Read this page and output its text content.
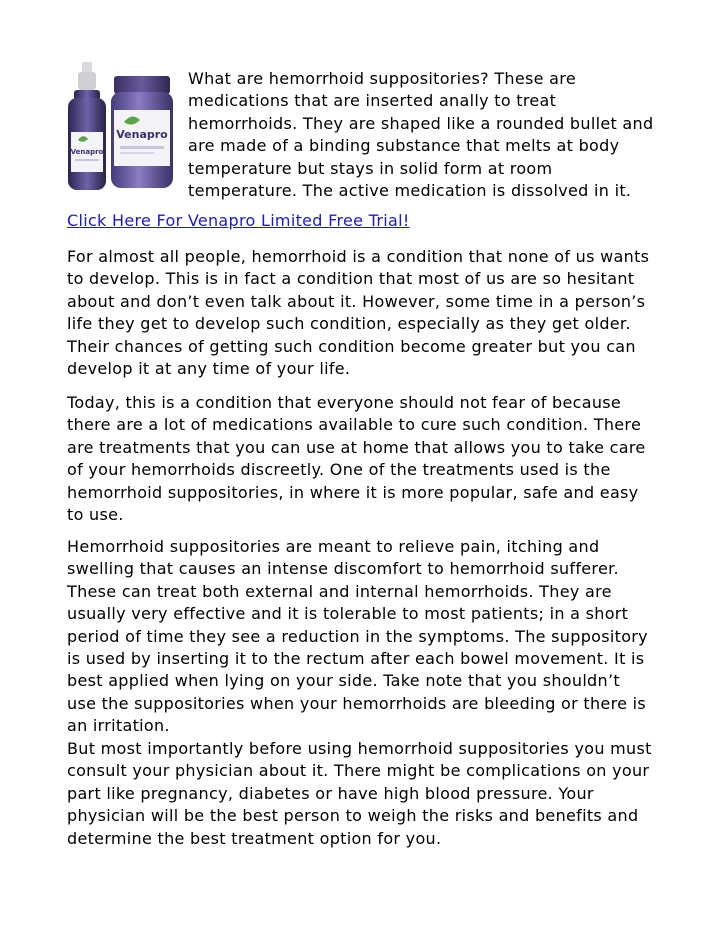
Venapro
Venapro
What are hemorrhoid suppositories? These are
medications that are inserted anally to treat
hemorrhoids. They are shaped like a rounded bullet and
are made of a binding substance that melts at body
temperature but stays in solid form at room
temperature. The active medication is dissolved in it.
Click Here For Venapro Limited Free Trial!
For almost all people, hemorrhoid is a condition that none of us wants
to develop. This is in fact a condition that most of us are so hesitant
about and don’t even talk about it. However, some time in a person’s
life they get to develop such condition, especially as they get older.
Their chances of getting such condition become greater but you can
develop it at any time of your life.
Today, this is a condition that everyone should not fear of because
there are a lot of medications available to cure such condition. There
are treatments that you can use at home that allows you to take care
of your hemorrhoids discreetly. One of the treatments used is the
hemorrhoid suppositories, in where it is more popular, safe and easy
to use.
Hemorrhoid suppositories are meant to relieve pain, itching and
swelling that causes an intense discomfort to hemorrhoid sufferer.
These can treat both external and internal hemorrhoids. They are
usually very effective and it is tolerable to most patients; in a short
period of time they see a reduction in the symptoms. The suppository
is used by inserting it to the rectum after each bowel movement. It is
best applied when lying on your side. Take note that you shouldn’t
use the suppositories when your hemorrhoids are bleeding or there is
an irritation.
But most importantly before using hemorrhoid suppositories you must
consult your physician about it. There might be complications on your
part like pregnancy, diabetes or have high blood pressure. Your
physician will be the best person to weigh the risks and benefits and
determine the best treatment option for you.
